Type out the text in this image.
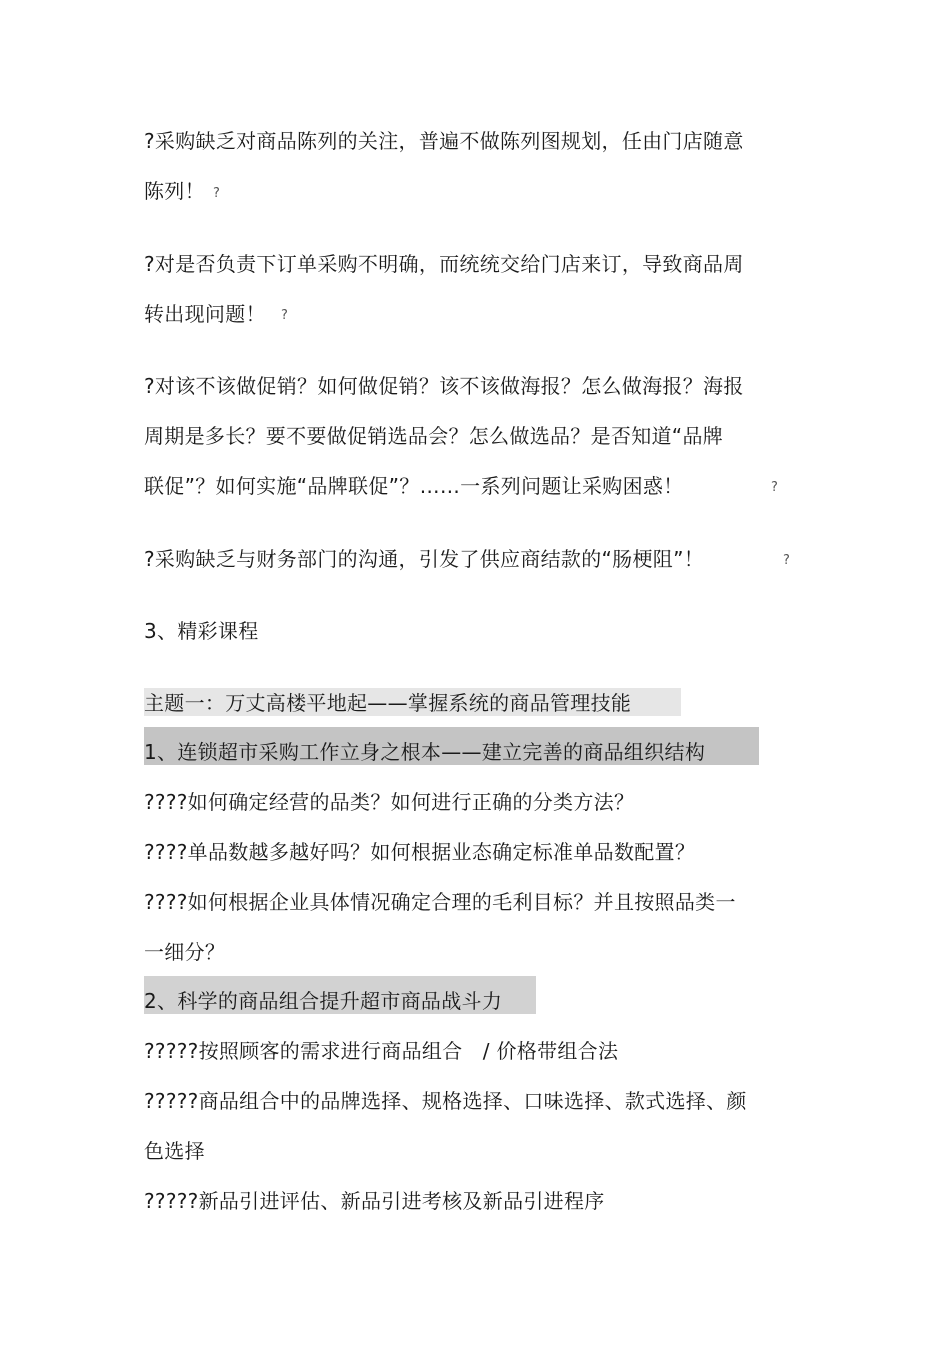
?采购缺乏对商品陈列的关注，普遍不做陈列图规划，任由门店随意
陈列！ ?
?对是否负责下订单采购不明确，而统统交给门店来订，导致商品周
转出现问题！ ?
?对该不该做促销？如何做促销？该不该做海报？怎么做海报？海报
周期是多长？要不要做促销选品会？怎么做选品？是否知道“品牌
联促”？如何实施“品牌联促”？……一系列问题让采购困惑！	?
?采购缺乏与财务部门的沟通，引发了供应商结款的“肠梗阻”！	?
3、精彩课程
主题一：万丈高楼平地起——掌握系统的商品管理技能
1、连锁超市采购工作立身之根本——建立完善的商品组织结构
????如何确定经营的品类？如何进行正确的分类方法？
????单品数越多越好吗？如何根据业态确定标准单品数配置？
????如何根据企业具体情况确定合理的毛利目标？并且按照品类一
一细分？
2、科学的商品组合提升超市商品战斗力
?????按照顾客的需求进行商品组合　/ 价格带组合法
?????商品组合中的品牌选择、规格选择、口味选择、款式选择、颜
色选择
?????新品引进评估、新品引进考核及新品引进程序
